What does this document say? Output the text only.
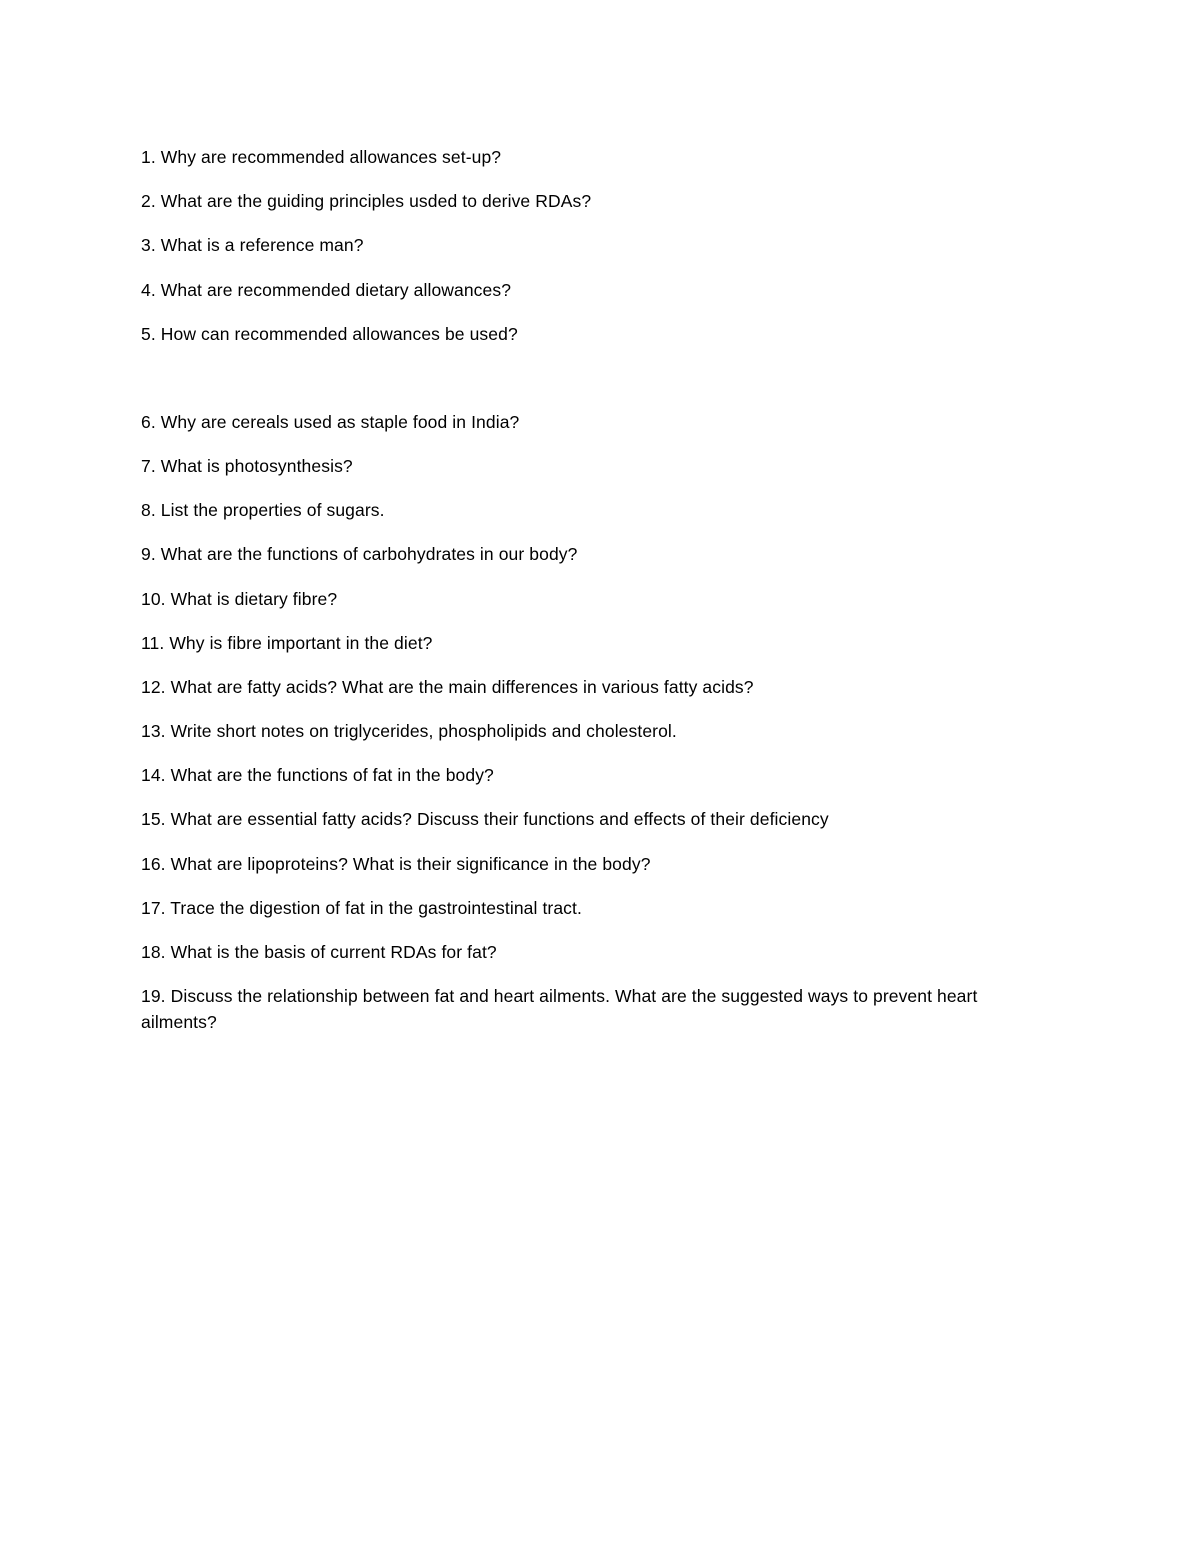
1. Why are recommended allowances set-up?
2. What are the guiding principles usded to derive RDAs?
3. What is a reference man?
4. What are recommended dietary allowances?
5. How can recommended allowances be used?
6. Why are cereals used as staple food in India?
7. What is photosynthesis?
8. List the properties of sugars.
9. What are the functions of carbohydrates in our body?
10. What is dietary fibre?
11. Why is fibre important in the diet?
12. What are fatty acids? What are the main differences in various fatty acids?
13. Write short notes on triglycerides, phospholipids and cholesterol.
14. What are the functions of fat in the body?
15. What are essential fatty acids? Discuss their functions and effects of their deficiency
16. What are lipoproteins? What is their significance in the body?
17. Trace the digestion of fat in the gastrointestinal tract.
18. What is the basis of current RDAs for fat?
19. Discuss the relationship between fat and heart ailments. What are the suggested ways to prevent heart ailments?
